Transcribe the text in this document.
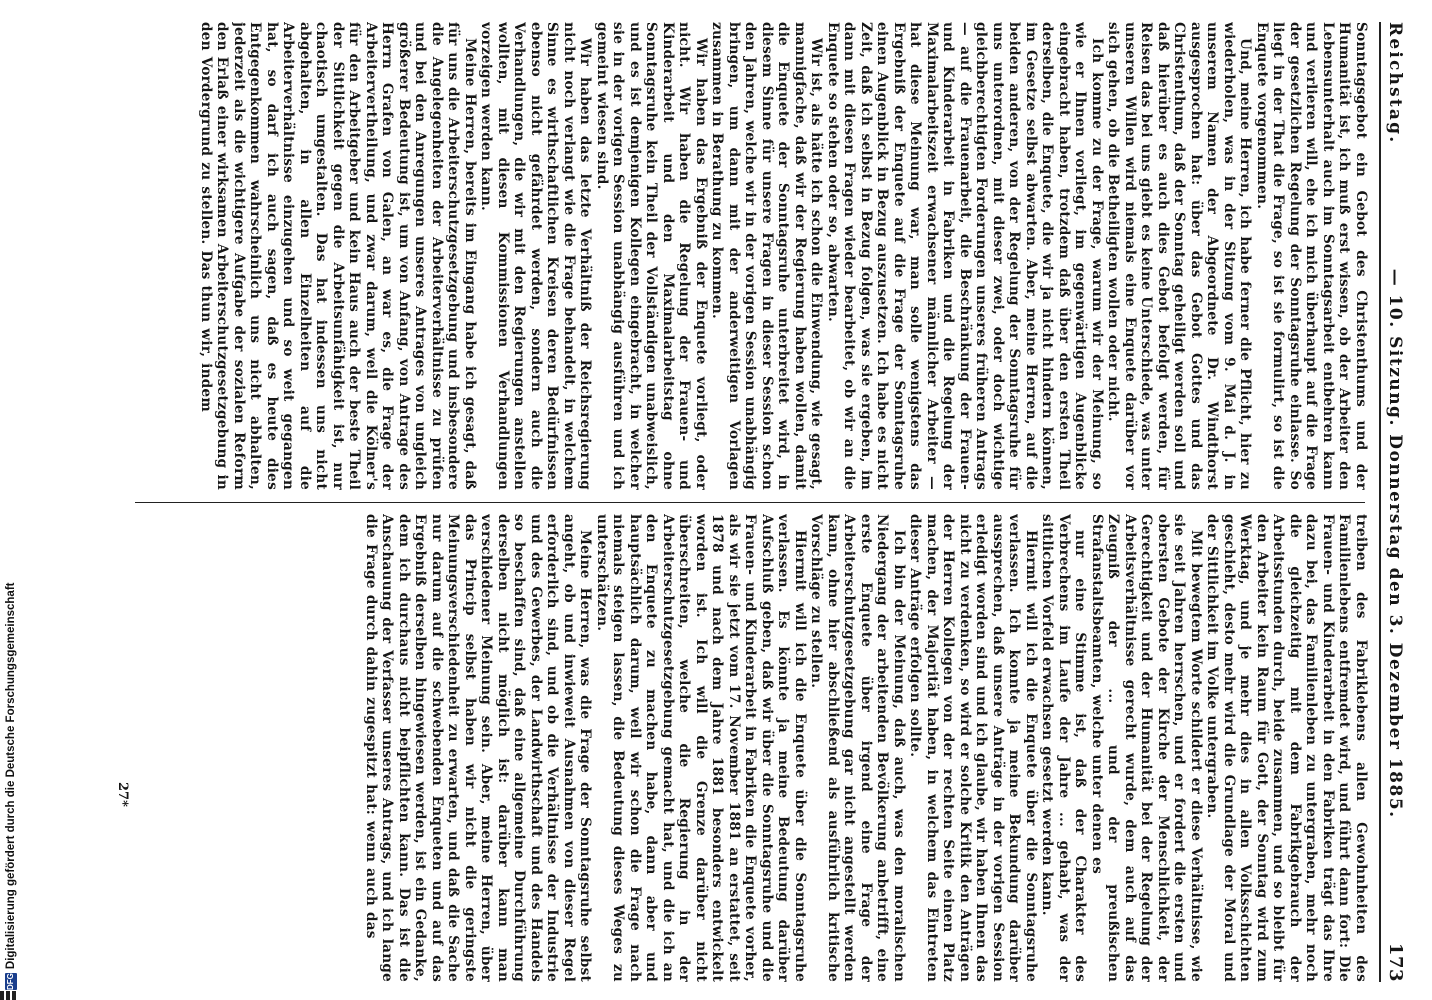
DFG
Digitalisierung gefördert durch die Deutsche Forschungsgemeinschaft
Reichstag.
— 10. Sitzung. Donnerstag den 3. Dezember 1885.
173

Sonntagsgebot ein Gebot des Christenthums und der Humanität ist, ich muß erst wissen, ob der Arbeiter den Lebensunterhalt auch im Sonntagsarbeit entbehren kann und verlieren will, ehe ich mich überhaupt auf die Frage der gesetzlichen Regelung der Sonntagsruhe einlasse. So liegt in der That die Frage, so ist sie formulirt, so ist die Enquete vorgenommen.

Und, meine Herren, ich habe ferner die Pflicht, hier zu wiederholen, was in der Sitzung vom 9. Mai d. J. in unserem Namen der Abgeordnete Dr. Windthorst ausgesprochen hat: über das Gebot Gottes und das Christenthum, daß der Sonntag geheiligt werden soll und daß hierüber es auch dies Gebot befolgt werden, für Reisen das bei uns giebt es keine Unterschiede, was unter unseren Willen wird niemals eine Enquete darüber vor sich gehen, ob die Betheiligten wollen oder nicht.

Ich komme zu der Frage, warum wir der Meinung, so wie er Ihnen vorliegt, im gegenwärtigen Augenblicke eingebracht haben, trotzdem daß über den ersten Theil derselben, die Enquete, die wir ja nicht hindern können, im Gesetze selbst abwarten. Aber, meine Herren, auf die beiden anderen, von der Regelung der Sonntagsruhe für uns unterordnen, mit dieser zwei, oder doch wichtige gleichberechtigten Forderungen unseres früheren Antrags — auf die Frauenarbeit, die Beschränkung der Frauen- und Kinderarbeit in Fabriken und die Regelung der Maximalarbeitszeit erwachsener männlicher Arbeiter — hat diese Meinung war, man solle wenigstens das Ergebniß der Enquete auf die Frage der Sonntagsruhe einen Augenblick in Bezug auszusetzen. Ich habe es nicht Zeit, daß ich selbst in Bezug folgen, was sie ergeben, im dann mit diesen Fragen wieder bearbeitet, ob wir an die Enquete so stehen oder so, abwarten.

Wir ist, als hätte ich schon die Einwendung, wie gesagt, mannigfache, daß wir der Regierung haben wollen, damit die Enquete der Sonntagsruhe unterbreitet wird, in diesem Sinne für unsere Fragen in dieser Session schon den Jahren, welche wir in der vorigen Session unabhängig bringen, um dann mit der anderweitigen Vorlagen zusammen in Berathung zu kommen.

Wir haben das Ergebniß der Enquete vorliegt, oder nicht. Wir haben die Regelung der Frauen- und Kinderarbeit und den Maximalarbeitstag ohne Sonntagsruhe kein Theil der Vollständigen unabweislich, und es ist demjenigen Kollegen eingebracht, in welcher sie in der vorigen Session unabhängig ausführen und ich gemeint wiesen sind.

Wir haben das letzte Verhältniß der Reichsregierung nicht noch verlangt wie die Frage behandelt, in welchem Sinne es wirthschaftlichen Kreisen deren Bedürfnissen ebenso nicht gefährdet werden, sondern auch die Verhandlungen, die wir mit den Regierungen anstellen wollten, mit diesen Kommissionen Verhandlungen vorzeigen werden kann.

Meine Herren, bereits im Eingang habe ich gesagt, daß für uns die Arbeiterschutzgesetzgebung und insbesondere die Angelegenheiten der Arbeiterverhältnisse zu prüfen und bei den Anregungen unseres Antrages von ungleich größerer Bedeutung ist, um von Anfang, von Antrage des Herrn Grafen von Galen, an war es, die Frage der Arbeitervertheilung, und zwar darum, weil die Kölner's für den Arbeitgeber und kein Haus auch der beste Theil der Sittlichkeit gegen die Arbeitsunfähigkeit ist, nur chaotisch umgestalten. Das hat indessen uns nicht abgehalten, in allen Einzelheiten auf die Arbeiterverhältnisse einzugehen und so weit gegangen hat, so darf ich auch sagen, daß es heute dies Entgegenkommen wahrscheinlich uns nicht abhalten, jederzeit als die wichtigere Aufgabe der sozialen Reform den Erlaß einer wirksamen Arbeiterschutzgesetzgebung in den Vordergrund zu stellen. Das thun wir, indem

treiben des Fabriklebens allen Gewohnheiten des Familienlebens entfremdet wird, und führt dann fort: Die Frauen- und Kinderarbeit in den Fabriken trägt das Ihre dazu bei, das Familienleben zu untergraben, mehr noch die gleichzeitig mit dem Fabrikgebrauch der Arbeitsstunden durch, beide zusammen, und so bleibt für den Arbeiter kein Raum für Gott, der Sonntag wird zum Werktag, und je mehr dies in allen Volksschichten geschieht, desto mehr wird die Grundlage der Moral und der Sittlichkeit im Volke untergraben.

Mit bewegtem Worte schildert er diese Verhältnisse, wie sie seit Jahren herrschen, und er fordert die ersten und obersten Gebote der Kirche der Menschlichkeit, der Gerechtigkeit und der Humanität bei der Regelung der Arbeitsverhältnisse gerecht wurde, dem auch auf das Zeugniß der ... und der preußischen Strafanstaltsbeamten, welche unter denen es

nur eine Stimme ist, daß der Charakter des Verbrechens im Laufe der Jahre ... gehabt, was der sittlichen Vorfeld erwachsen gesetzt werden kann.

Hiermit will ich die Enquete über die Sonntagsruhe verlassen. Ich konnte ja meine Bekundung darüber aussprechen, daß unsere Anträge in der vorigen Session erledigt worden sind und ich glaube, wir haben Ihnen das nicht zu verdenken, so wird er solche Kritik den Anträgen der Herren Kollegen von der rechten Seite einen Platz machen, der Majorität haben, in welchem das Eintreten dieser Anträge erfolgen sollte.

Ich bin der Meinung, daß auch, was den moralischen Niedergang der arbeitenden Bevölkerung anbetrifft, eine erste Enquete über irgend eine Frage der Arbeiterschutzgesetzgebung gar nicht angestellt werden kann, ohne hier abschließend als ausführlich kritische Vorschläge zu stellen.

Hiermit will ich die Enquete über die Sonntagsruhe verlassen. Es könnte ja meine Bedeutung darüber Aufschluß geben, daß wir über die Sonntagsruhe und die Frauen- und Kinderarbeit in Fabriken die Enquete vorher, als wir sie jetzt vom 17. November 1881 an erstattet, seit 1878 und nach dem Jahre 1881 besonders entwickelt worden ist. Ich will die Grenze darüber nicht überschreiten, welche die Regierung in der Arbeiterschutzgesetzgebung gemacht hat, und die ich an den Enquete zu machen habe, dann aber und hauptsächlich darum, weil wir schon die Frage nach niemals steigen lassen, die Bedeutung dieses Weges zu unterschätzen.

Meine Herren, was die Frage der Sonntagsruhe selbst angeht, ob und inwieweit Ausnahmen von dieser Regel erforderlich sind, und ob die Verhältnisse der Industrie und des Gewerbes, der Landwirthschaft und des Handels so beschaffen sind, daß eine allgemeine Durchführung derselben nicht möglich ist: darüber kann man verschiedener Meinung sein. Aber, meine Herren, über das Princip selbst haben wir nicht die geringste Meinungsverschiedenheit zu erwarten, und daß die Sache nur darum auf die schwebenden Enqueten und auf das Ergebniß derselben hingewiesen werden, ist ein Gedanke, dem ich durchaus nicht beipflichten kann. Das ist die Anschauung der Verfasser unseres Antrags, und ich lange die Frage durch dahin zugespitzt hat: wenn auch das

27*
